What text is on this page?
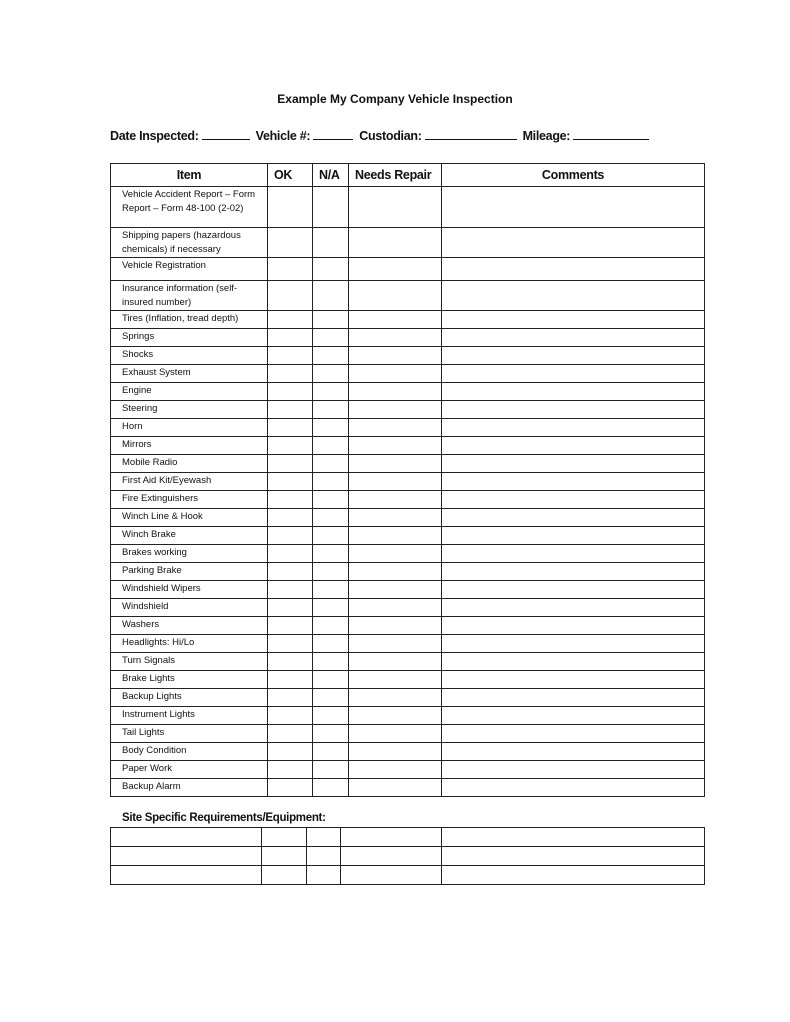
Example My Company Vehicle Inspection
Date Inspected:	Vehicle #:	Custodian:	Mileage:
Item	OK	N/A	Needs Repair	Comments
Vehicle Accident Report – Form Report – Form 48-100 (2-02)				
Shipping papers (hazardous chemicals) if necessary				
Vehicle Registration				
Insurance information (self-insured number)				
Tires (Inflation, tread depth)				
Springs				
Shocks				
Exhaust System				
Engine				
Steering				
Horn				
Mirrors				
Mobile Radio				
First Aid Kit/Eyewash				
Fire Extinguishers				
Winch Line & Hook				
Winch Brake				
Brakes working				
Parking Brake				
Windshield Wipers				
Windshield				
Washers				
Headlights: Hi/Lo				
Turn Signals				
Brake Lights				
Backup Lights				
Instrument Lights				
Tail Lights				
Body Condition				
Paper Work				
Backup Alarm				
Site Specific Requirements/Equipment:
